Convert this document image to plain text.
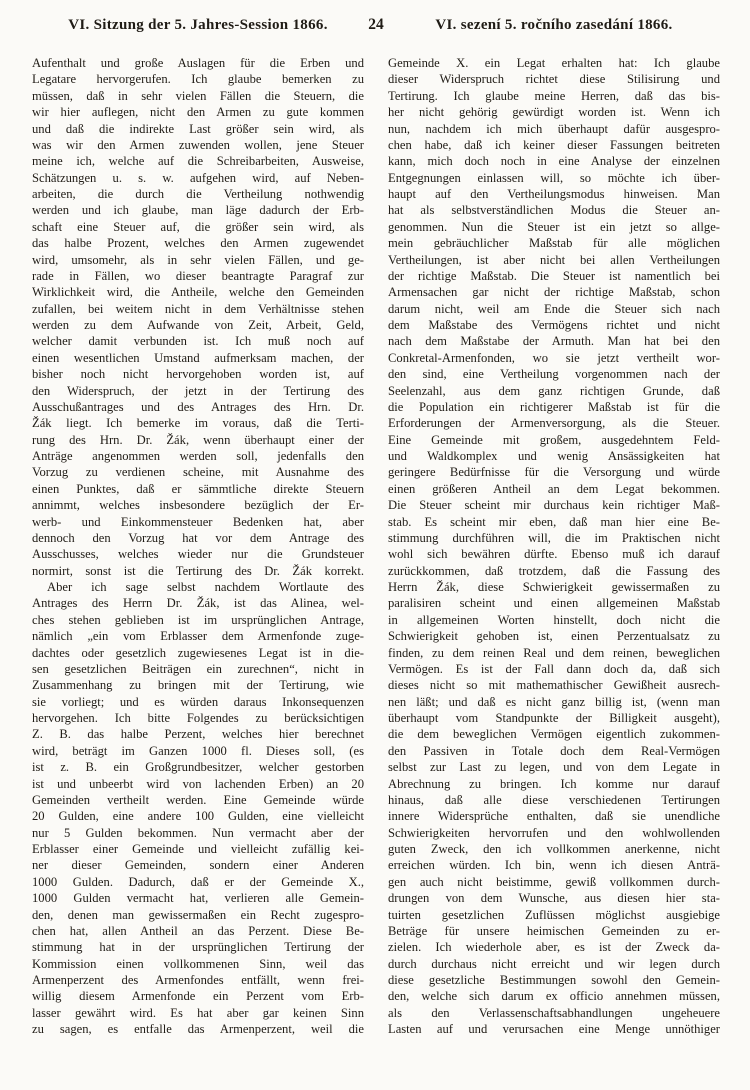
VI. Sitzung der 5. Jahres-Session 1866.	24	VI. sezení 5. ročního zasedání 1866.
Aufenthalt und große Auslagen für die Erben und
Legatare hervorgerufen. Ich glaube bemerken zu
müssen, daß in sehr vielen Fällen die Steuern, die
wir hier auflegen, nicht den Armen zu gute kommen
und daß die indirekte Last größer sein wird, als
was wir den Armen zuwenden wollen, jene Steuer
meine ich, welche auf die Schreibarbeiten, Ausweise,
Schätzungen u. s. w. aufgehen wird, auf Neben-
arbeiten, die durch die Vertheilung nothwendig
werden und ich glaube, man läge dadurch der Erb-
schaft eine Steuer auf, die größer sein wird, als
das halbe Prozent, welches den Armen zugewendet
wird, umsomehr, als in sehr vielen Fällen, und ge-
rade in Fällen, wo dieser beantragte Paragraf zur
Wirklichkeit wird, die Antheile, welche den Gemeinden
zufallen, bei weitem nicht in dem Verhältnisse stehen
werden zu dem Aufwande von Zeit, Arbeit, Geld,
welcher damit verbunden ist. Ich muß noch auf
einen wesentlichen Umstand aufmerksam machen, der
bisher noch nicht hervorgehoben worden ist, auf
den Widerspruch, der jetzt in der Tertirung des
Ausschußantrages und des Antrages des Hrn. Dr.
Žák liegt. Ich bemerke im voraus, daß die Terti-
rung des Hrn. Dr. Žák, wenn überhaupt einer der
Anträge angenommen werden soll, jedenfalls den
Vorzug zu verdienen scheine, mit Ausnahme des
einen Punktes, daß er sämmtliche direkte Steuern
annimmt, welches insbesondere bezüglich der Er-
werb- und Einkommensteuer Bedenken hat, aber
dennoch den Vorzug hat vor dem Antrage des
Ausschusses, welches wieder nur die Grundsteuer
normirt, sonst ist die Tertirung des Dr. Žák korrekt.
Aber ich sage selbst nachdem Wortlaute des
Antrages des Herrn Dr. Žák, ist das Alinea, wel-
ches stehen geblieben ist im ursprünglichen Antrage,
nämlich „ein vom Erblasser dem Armenfonde zuge-
dachtes oder gesetzlich zugewiesenes Legat ist in die-
sen gesetzlichen Beiträgen ein zurechnen“, nicht in
Zusammenhang zu bringen mit der Tertirung, wie
sie vorliegt; und es würden daraus Inkonsequenzen
hervorgehen. Ich bitte Folgendes zu berücksichtigen
Z. B. das halbe Perzent, welches hier berechnet
wird, beträgt im Ganzen 1000 fl. Dieses soll, (es
ist z. B. ein Großgrundbesitzer, welcher gestorben
ist und unbeerbt wird von lachenden Erben) an 20
Gemeinden vertheilt werden. Eine Gemeinde würde
20 Gulden, eine andere 100 Gulden, eine vielleicht
nur 5 Gulden bekommen. Nun vermacht aber der
Erblasser einer Gemeinde und vielleicht zufällig kei-
ner dieser Gemeinden, sondern einer Anderen
1000 Gulden. Dadurch, daß er der Gemeinde X.,
1000 Gulden vermacht hat, verlieren alle Gemein-
den, denen man gewissermaßen ein Recht zugespro-
chen hat, allen Antheil an das Perzent. Diese Be-
stimmung hat in der ursprünglichen Tertirung der
Kommission einen vollkommenen Sinn, weil das
Armenperzent des Armenfondes entfällt, wenn frei-
willig diesem Armenfonde ein Perzent vom Erb-
lasser gewährt wird. Es hat aber gar keinen Sinn
zu sagen, es entfalle das Armenperzent, weil die
Gemeinde X. ein Legat erhalten hat: Ich glaube
dieser Widerspruch richtet diese Stilisirung und
Tertirung. Ich glaube meine Herren, daß das bis-
her nicht gehörig gewürdigt worden ist. Wenn ich
nun, nachdem ich mich überhaupt dafür ausgespro-
chen habe, daß ich keiner dieser Fassungen beitreten
kann, mich doch noch in eine Analyse der einzelnen
Entgegnungen einlassen will, so möchte ich über-
haupt auf den Vertheilungsmodus hinweisen. Man
hat als selbstverständlichen Modus die Steuer an-
genommen. Nun die Steuer ist ein jetzt so allge-
mein gebräuchlicher Maßstab für alle möglichen
Vertheilungen, ist aber nicht bei allen Vertheilungen
der richtige Maßstab. Die Steuer ist namentlich bei
Armensachen gar nicht der richtige Maßstab, schon
darum nicht, weil am Ende die Steuer sich nach
dem Maßstabe des Vermögens richtet und nicht
nach dem Maßstabe der Armuth. Man hat bei den
Conkretal-Armenfonden, wo sie jetzt vertheilt wor-
den sind, eine Vertheilung vorgenommen nach der
Seelenzahl, aus dem ganz richtigen Grunde, daß
die Population ein richtigerer Maßstab ist für die
Erforderungen der Armenversorgung, als die Steuer.
Eine Gemeinde mit großem, ausgedehntem Feld-
und Waldkomplex und wenig Ansässigkeiten hat
geringere Bedürfnisse für die Versorgung und würde
einen größeren Antheil an dem Legat bekommen.
Die Steuer scheint mir durchaus kein richtiger Maß-
stab. Es scheint mir eben, daß man hier eine Be-
stimmung durchführen will, die im Praktischen nicht
wohl sich bewähren dürfte. Ebenso muß ich darauf
zurückkommen, daß trotzdem, daß die Fassung des
Herrn Žák, diese Schwierigkeit gewissermaßen zu
paralisiren scheint und einen allgemeinen Maßstab
in allgemeinen Worten hinstellt, doch nicht die
Schwierigkeit gehoben ist, einen Perzentualsatz zu
finden, zu dem reinen Real und dem reinen, beweglichen
Vermögen. Es ist der Fall dann doch da, daß sich
dieses nicht so mit mathemathischer Gewißheit ausrech-
nen läßt; und daß es nicht ganz billig ist, (wenn man
überhaupt vom Standpunkte der Billigkeit ausgeht),
die dem beweglichen Vermögen eigentlich zukommen-
den Passiven in Totale doch dem Real-Vermögen
selbst zur Last zu legen, und von dem Legate in
Abrechnung zu bringen. Ich komme nur darauf
hinaus, daß alle diese verschiedenen Tertirungen
innere Widersprüche enthalten, daß sie unendliche
Schwierigkeiten hervorrufen und den wohlwollenden
guten Zweck, den ich vollkommen anerkenne, nicht
erreichen würden. Ich bin, wenn ich diesen Anträ-
gen auch nicht beistimme, gewiß vollkommen durch-
drungen von dem Wunsche, aus diesen hier sta-
tuirten gesetzlichen Zuflüssen möglichst ausgiebige
Beträge für unsere heimischen Gemeinden zu er-
zielen. Ich wiederhole aber, es ist der Zweck da-
durch durchaus nicht erreicht und wir legen durch
diese gesetzliche Bestimmungen sowohl den Gemein-
den, welche sich darum ex officio annehmen müssen,
als den Verlassenschaftsabhandlungen ungeheuere
Lasten auf und verursachen eine Menge unnöthiger
